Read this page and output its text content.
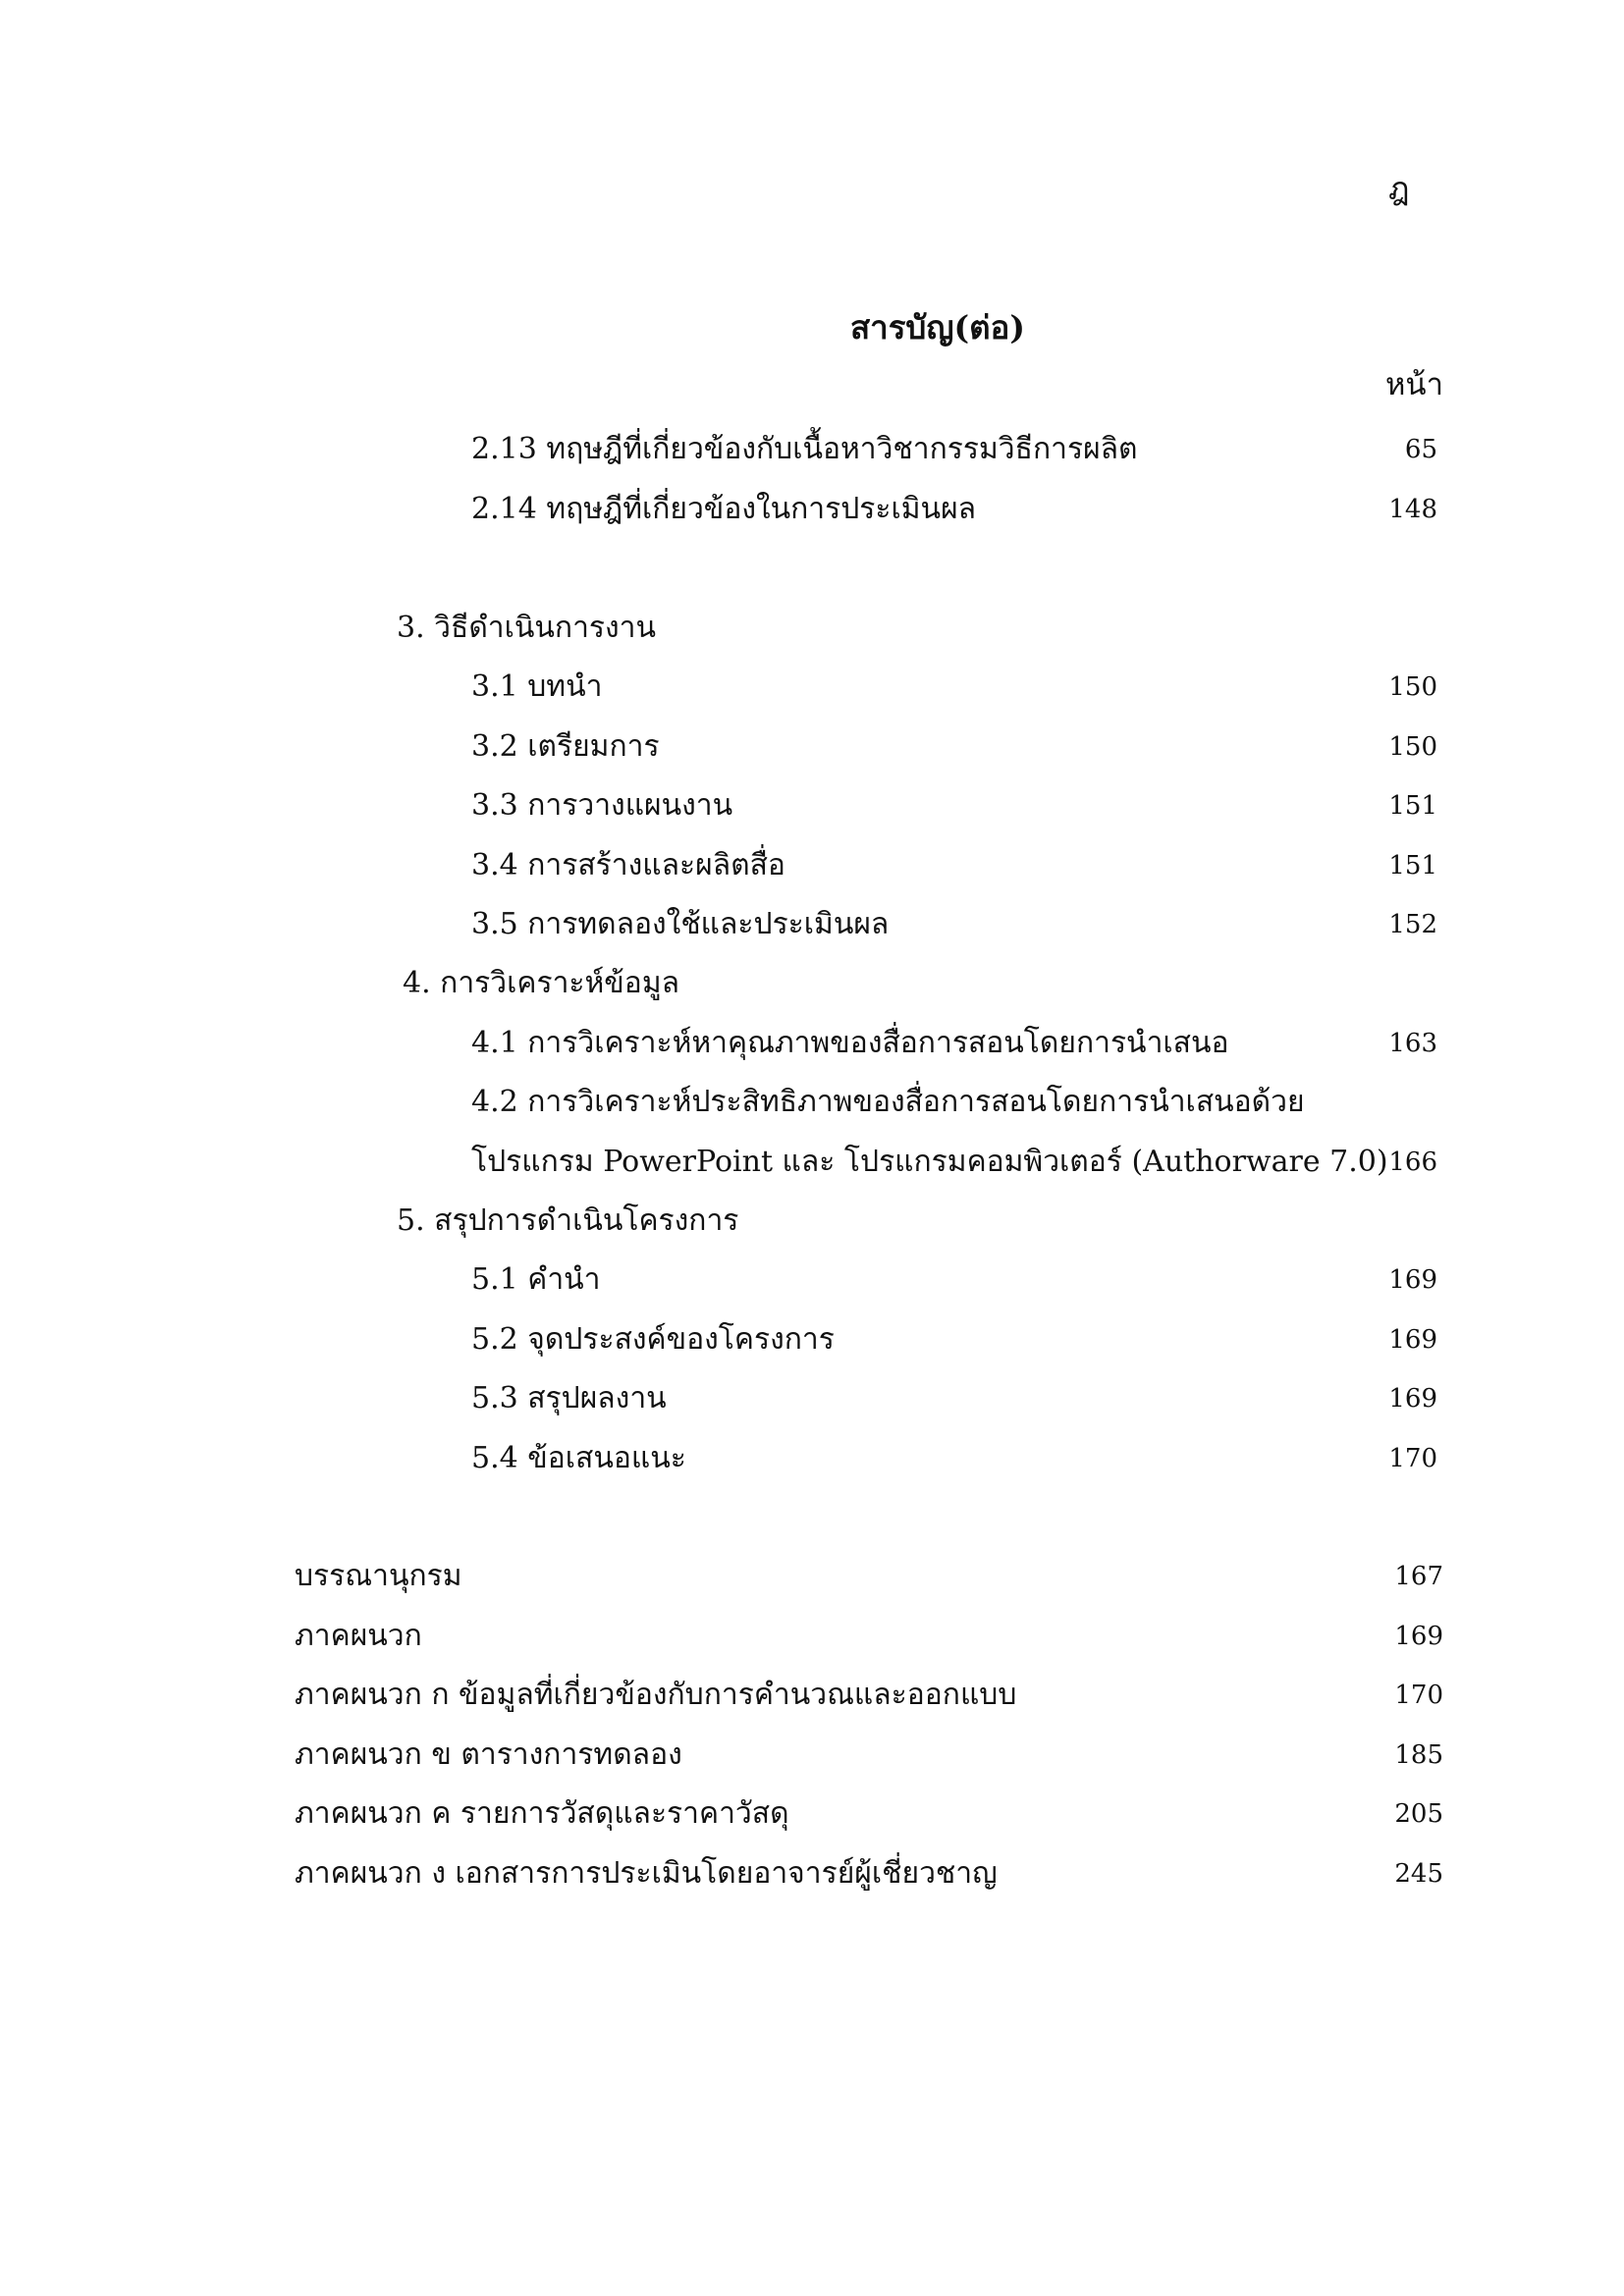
ฎ
สารบัญ(ต่อ)
หน้า
2.13 ทฤษฎีที่เกี่ยวข้องกับเนื้อหาวิชากรรมวิธีการผลิต	65
2.14 ทฤษฎีที่เกี่ยวข้องในการประเมินผล	148
3. วิธีดำเนินการงาน
3.1 บทนำ	150
3.2 เตรียมการ	150
3.3 การวางแผนงาน	151
3.4 การสร้างและผลิตสื่อ	151
3.5 การทดลองใช้และประเมินผล	152
4. การวิเคราะห์ข้อมูล
4.1 การวิเคราะห์หาคุณภาพของสื่อการสอนโดยการนำเสนอ	163
4.2 การวิเคราะห์ประสิทธิภาพของสื่อการสอนโดยการนำเสนอด้วย
โปรแกรม PowerPoint และ โปรแกรมคอมพิวเตอร์ (Authorware 7.0) 166
5. สรุปการดำเนินโครงการ
5.1 คำนำ	169
5.2 จุดประสงค์ของโครงการ	169
5.3 สรุปผลงาน	169
5.4 ข้อเสนอแนะ	170
บรรณานุกรม	167
ภาคผนวก	169
ภาคผนวก ก ข้อมูลที่เกี่ยวข้องกับการคำนวณและออกแบบ	170
ภาคผนวก ข ตารางการทดลอง	185
ภาคผนวก ค รายการวัสดุและราคาวัสดุ	205
ภาคผนวก ง เอกสารการประเมินโดยอาจารย์ผู้เชี่ยวชาญ	245
